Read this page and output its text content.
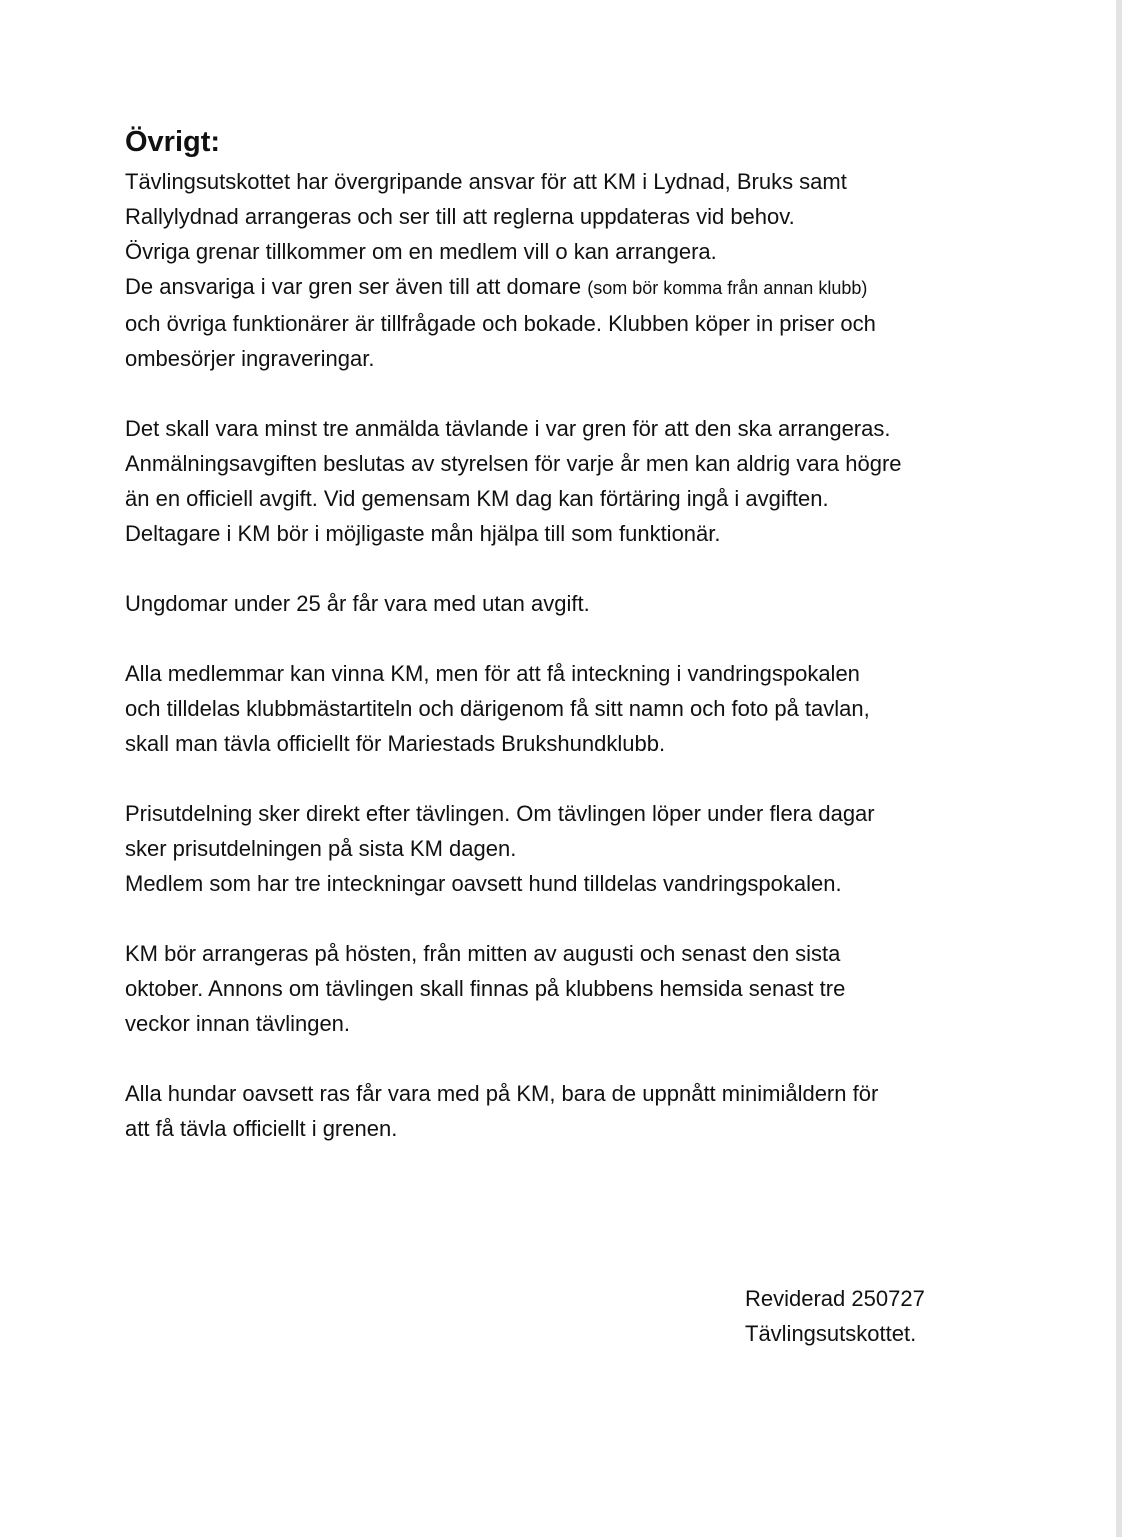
Övrigt:

Tävlingsutskottet har övergripande ansvar för att KM i Lydnad, Bruks samt
Rallylydnad arrangeras och ser till att reglerna uppdateras vid behov.
Övriga grenar tillkommer om en medlem vill o kan arrangera.
De ansvariga i var gren ser även till att domare (som bör komma från annan klubb)
och övriga funktionärer är tillfrågade och bokade. Klubben köper in priser och
ombesörjer ingraveringar.

Det skall vara minst tre anmälda tävlande i var gren för att den ska arrangeras.
Anmälningsavgiften beslutas av styrelsen för varje år men kan aldrig vara högre
än en officiell avgift. Vid gemensam KM dag kan förtäring ingå i avgiften.
Deltagare i KM bör i möjligaste mån hjälpa till som funktionär.

Ungdomar under 25 år får vara med utan avgift.

Alla medlemmar kan vinna KM, men för att få inteckning i vandringspokalen
och tilldelas klubbmästartiteln och därigenom få sitt namn och foto på tavlan,
skall man tävla officiellt för Mariestads Brukshundklubb.

Prisutdelning sker direkt efter tävlingen. Om tävlingen löper under flera dagar
sker prisutdelningen på sista KM dagen.
Medlem som har tre inteckningar oavsett hund tilldelas vandringspokalen.

KM bör arrangeras på hösten, från mitten av augusti och senast den sista
oktober. Annons om tävlingen skall finnas på klubbens hemsida senast tre
veckor innan tävlingen.

Alla hundar oavsett ras får vara med på KM, bara de uppnått minimiåldern för
att få tävla officiellt i grenen.

Reviderad 250727
Tävlingsutskottet.
